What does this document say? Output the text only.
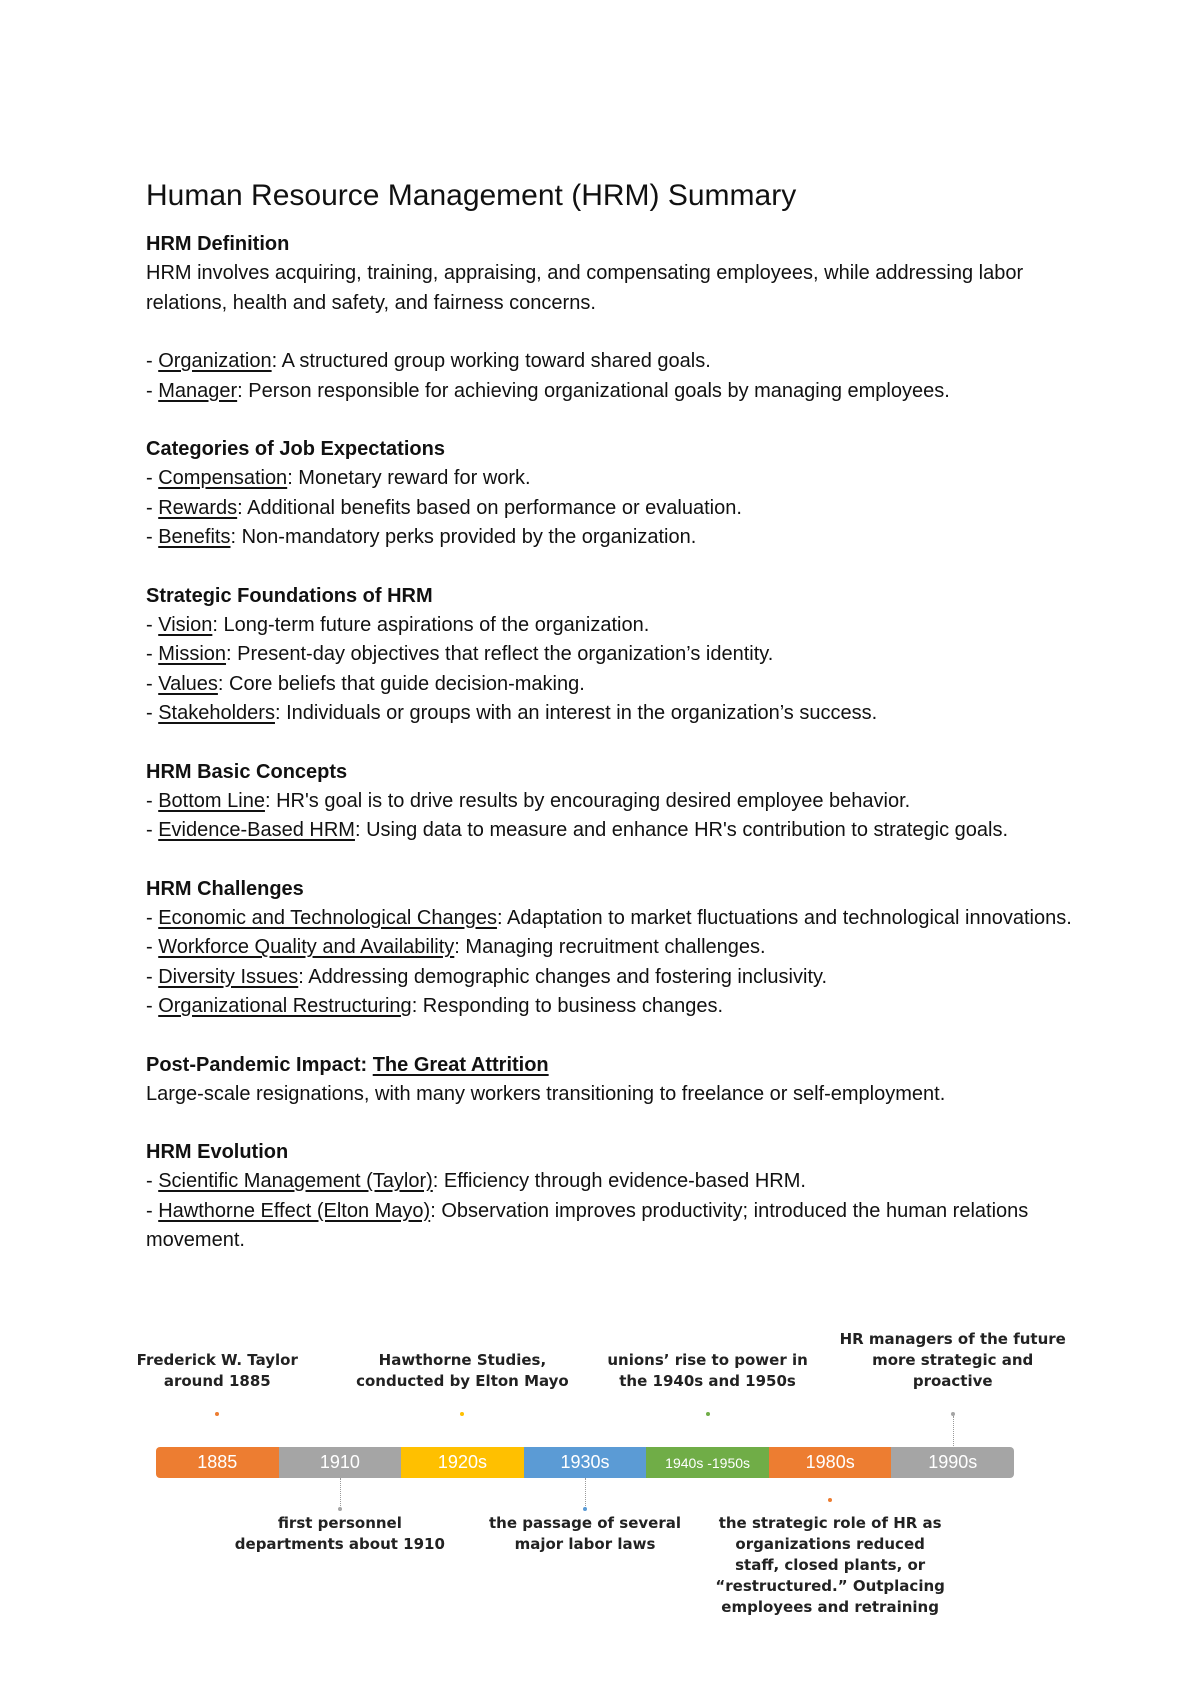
Human Resource Management (HRM) Summary

HRM Definition

HRM involves acquiring, training, appraising, and compensating employees, while addressing labor relations, health and safety, and fairness concerns.

- Organization: A structured group working toward shared goals.

- Manager: Person responsible for achieving organizational goals by managing employees.

Categories of Job Expectations

- Compensation: Monetary reward for work.

- Rewards: Additional benefits based on performance or evaluation.

- Benefits: Non-mandatory perks provided by the organization.

Strategic Foundations of HRM

- Vision: Long-term future aspirations of the organization.

- Mission: Present-day objectives that reflect the organization’s identity.

- Values: Core beliefs that guide decision-making.

- Stakeholders: Individuals or groups with an interest in the organization’s success.

HRM Basic Concepts

- Bottom Line: HR's goal is to drive results by encouraging desired employee behavior.

- Evidence-Based HRM: Using data to measure and enhance HR's contribution to strategic goals.

HRM Challenges

- Economic and Technological Changes: Adaptation to market fluctuations and technological innovations.

- Workforce Quality and Availability: Managing recruitment challenges.

- Diversity Issues: Addressing demographic changes and fostering inclusivity.

- Organizational Restructuring: Responding to business changes.

Post-Pandemic Impact: The Great Attrition

Large-scale resignations, with many workers transitioning to freelance or self-employment.

HRM Evolution

- Scientific Management (Taylor): Efficiency through evidence-based HRM.

- Hawthorne Effect (Elton Mayo): Observation improves productivity; introduced the human relations movement.

1885	1910	1920s	1930s	1940s -1950s	1980s	1990s
Frederick W. Taylor
around 1885
Hawthorne Studies,
conducted by Elton Mayo
unions’ rise to power in
the 1940s and 1950s
HR managers of the future
more strategic and
proactive
first personnel
departments about 1910
the passage of several
major labor laws
the strategic role of HR as
organizations reduced
staff, closed plants, or
“restructured.” Outplacing
employees and retraining
